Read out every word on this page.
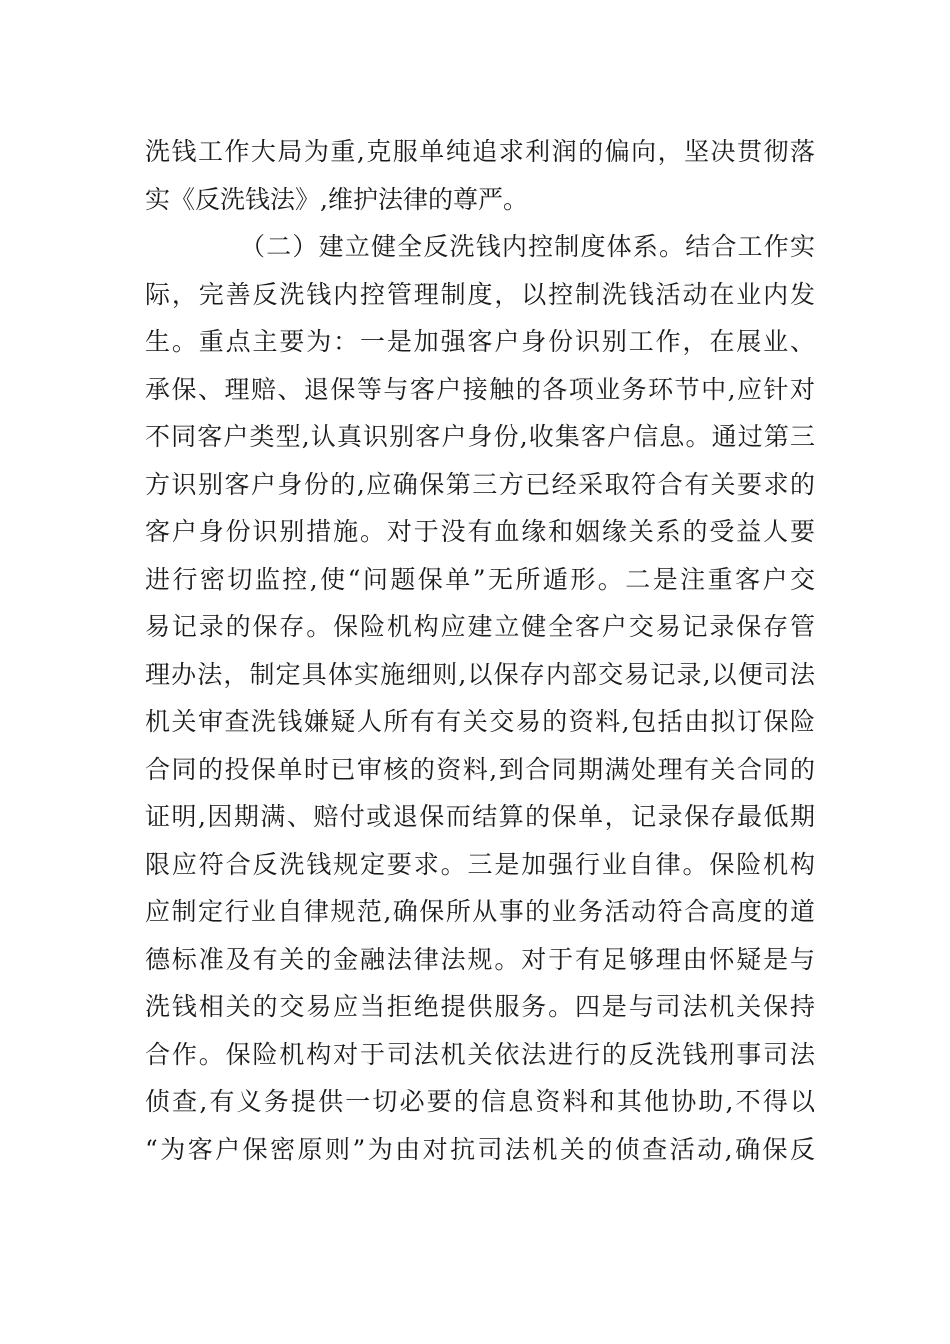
洗钱工作大局为重,克服单纯追求利润的偏向，坚决贯彻落
实《反洗钱法》,维护法律的尊严。
（二）建立健全反洗钱内控制度体系。结合工作实
际，完善反洗钱内控管理制度，以控制洗钱活动在业内发
生。重点主要为：一是加强客户身份识别工作，在展业、
承保、理赔、退保等与客户接触的各项业务环节中,应针对
不同客户类型,认真识别客户身份,收集客户信息。通过第三
方识别客户身份的,应确保第三方已经采取符合有关要求的
客户身份识别措施。对于没有血缘和姻缘关系的受益人要
进行密切监控,使“问题保单”无所遁形。二是注重客户交
易记录的保存。保险机构应建立健全客户交易记录保存管
理办法，制定具体实施细则,以保存内部交易记录,以便司法
机关审查洗钱嫌疑人所有有关交易的资料,包括由拟订保险
合同的投保单时已审核的资料,到合同期满处理有关合同的
证明,因期满、赔付或退保而结算的保单，记录保存最低期
限应符合反洗钱规定要求。三是加强行业自律。保险机构
应制定行业自律规范,确保所从事的业务活动符合高度的道
德标准及有关的金融法律法规。对于有足够理由怀疑是与
洗钱相关的交易应当拒绝提供服务。四是与司法机关保持
合作。保险机构对于司法机关依法进行的反洗钱刑事司法
侦查,有义务提供一切必要的信息资料和其他协助,不得以
“为客户保密原则”为由对抗司法机关的侦查活动,确保反
